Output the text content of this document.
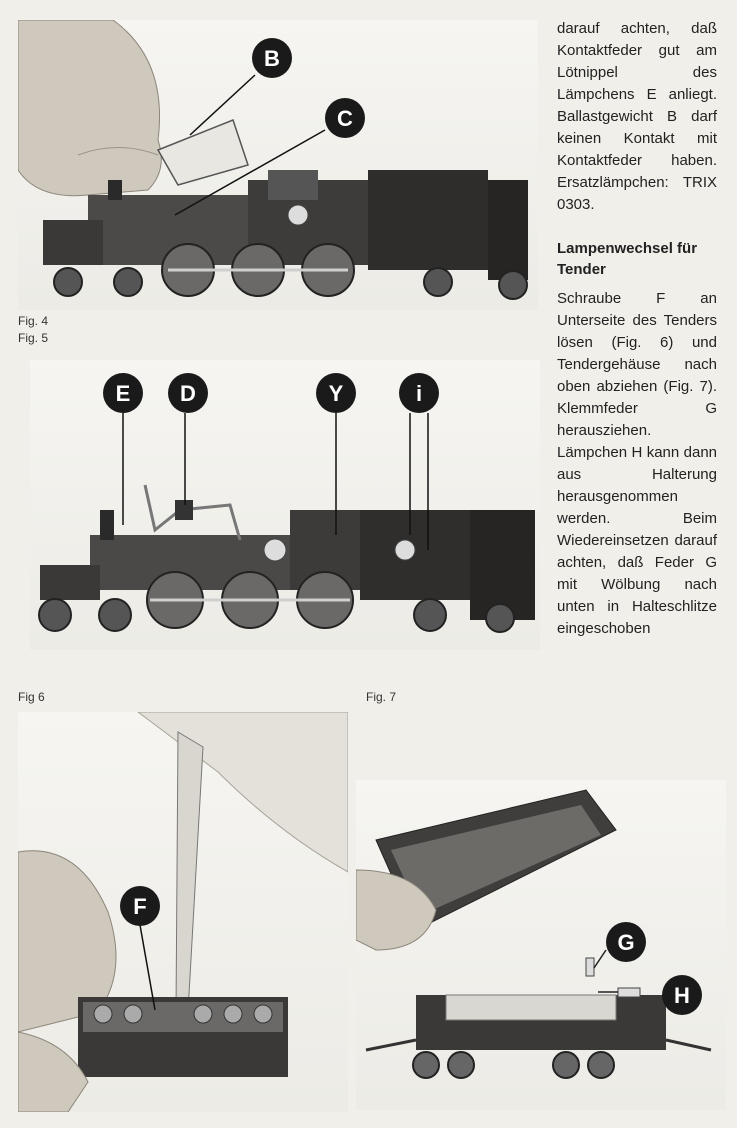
B
C
Fig. 4
Fig. 5
E D	Y	i
Fig 6	Fig. 7
F
G
H

darauf achten, daß Kontaktfeder gut am Lötnippel des Lämpchens E anliegt. Ballastgewicht B darf keinen Kontakt mit Kontaktfeder haben. Ersatzlämpchen: TRIX 0303.

Lampenwechsel für Tender

Schraube F an Unterseite des Tenders lösen (Fig. 6) und Tendergehäuse nach oben abziehen (Fig. 7). Klemmfeder G herausziehen. Lämpchen H kann dann aus Halterung herausgenommen werden. Beim Wiedereinsetzen darauf achten, daß Feder G mit Wölbung nach unten in Halteschlitze eingeschoben
